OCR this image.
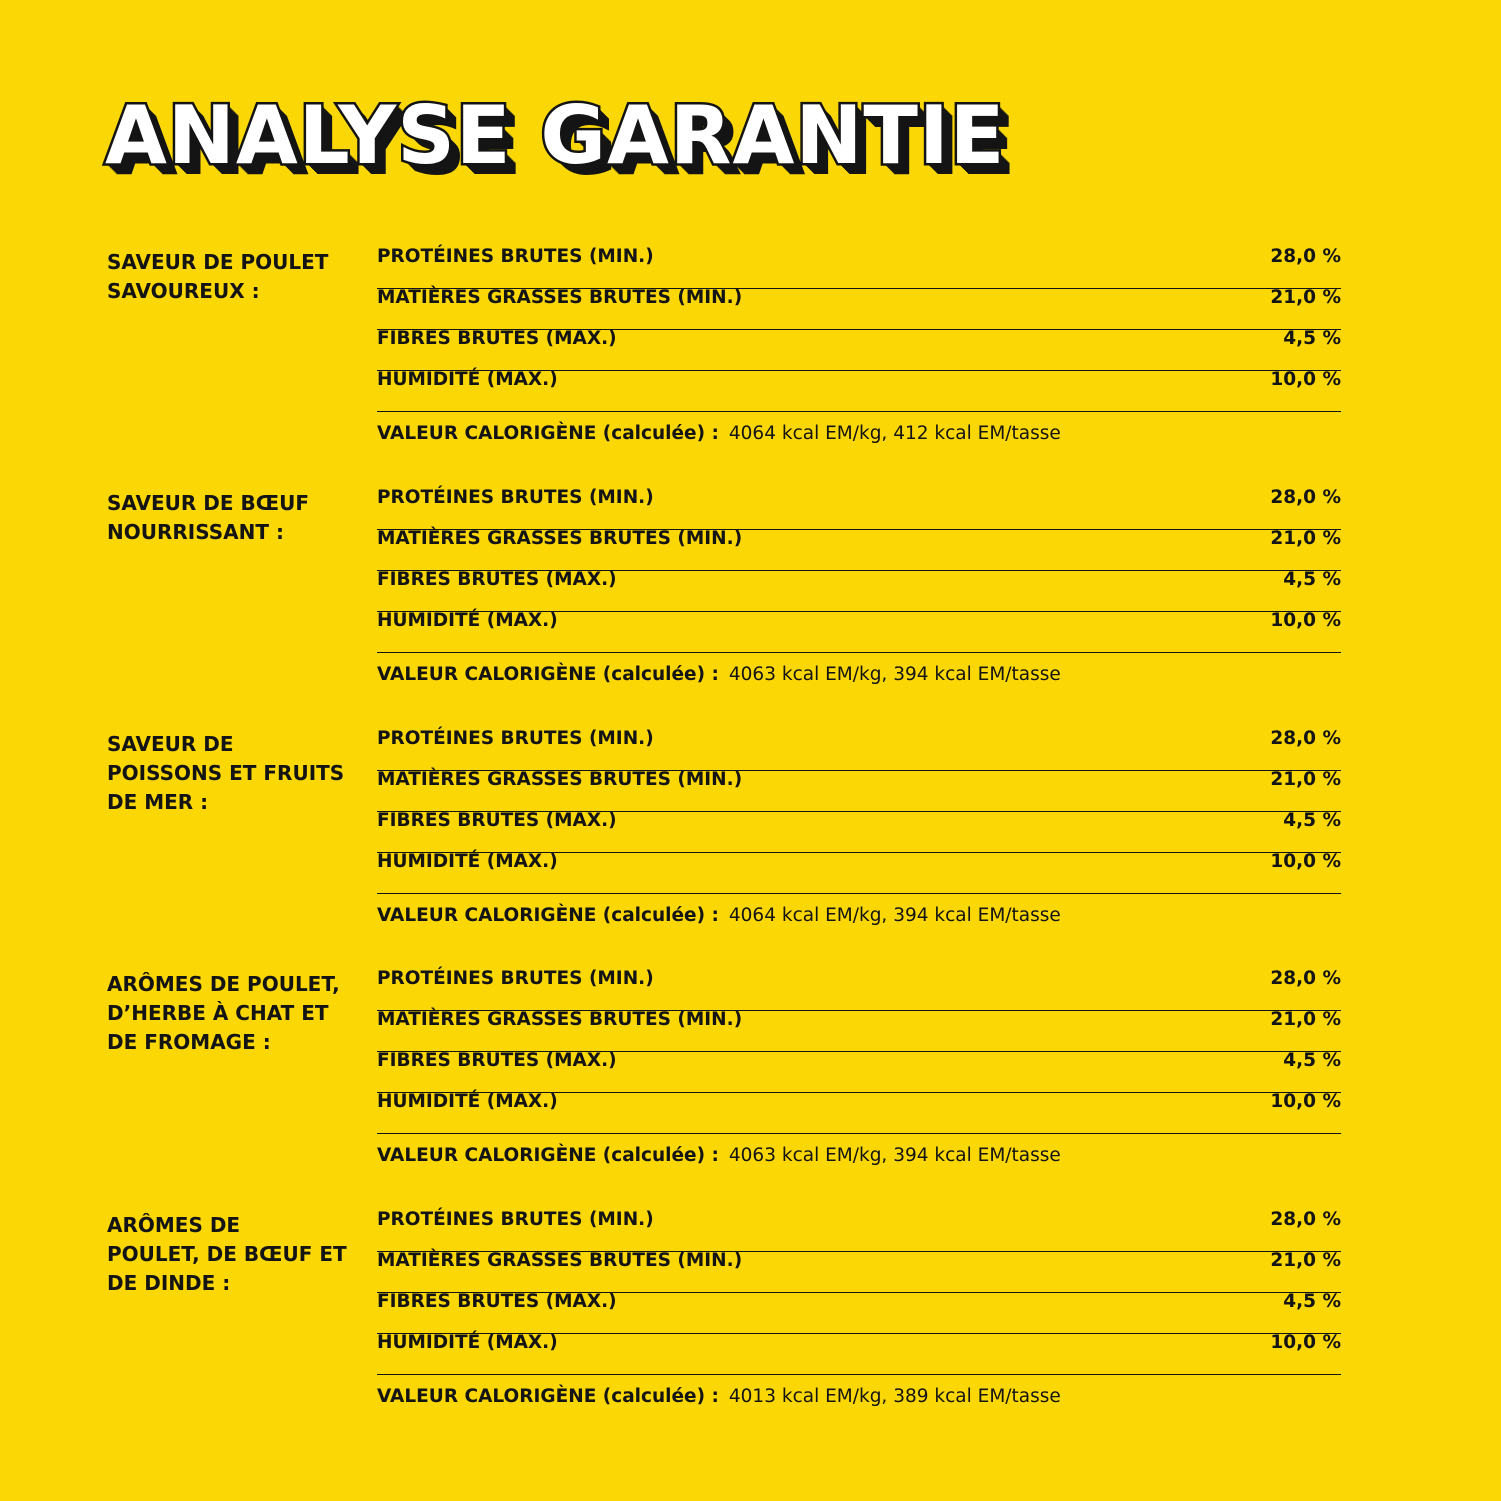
ANALYSE GARANTIE
SAVEUR DE POULET
SAVOUREUX :
PROTÉINES BRUTES (MIN.)	28,0 %
MATIÈRES GRASSES BRUTES (MIN.)	21,0 %
FIBRES BRUTES (MAX.)	4,5 %
HUMIDITÉ (MAX.)	10,0 %
VALEUR CALORIGÈNE (calculée) : 4064 kcal EM/kg, 412 kcal EM/tasse
SAVEUR DE BŒUF
NOURRISSANT :
PROTÉINES BRUTES (MIN.)	28,0 %
MATIÈRES GRASSES BRUTES (MIN.)	21,0 %
FIBRES BRUTES (MAX.)	4,5 %
HUMIDITÉ (MAX.)	10,0 %
VALEUR CALORIGÈNE (calculée) : 4063 kcal EM/kg, 394 kcal EM/tasse
SAVEUR DE
POISSONS ET FRUITS
DE MER :
PROTÉINES BRUTES (MIN.)	28,0 %
MATIÈRES GRASSES BRUTES (MIN.)	21,0 %
FIBRES BRUTES (MAX.)	4,5 %
HUMIDITÉ (MAX.)	10,0 %
VALEUR CALORIGÈNE (calculée) : 4064 kcal EM/kg, 394 kcal EM/tasse
ARÔMES DE POULET,
D’HERBE À CHAT ET
DE FROMAGE :
PROTÉINES BRUTES (MIN.)	28,0 %
MATIÈRES GRASSES BRUTES (MIN.)	21,0 %
FIBRES BRUTES (MAX.)	4,5 %
HUMIDITÉ (MAX.)	10,0 %
VALEUR CALORIGÈNE (calculée) : 4063 kcal EM/kg, 394 kcal EM/tasse
ARÔMES DE
POULET, DE BŒUF ET
DE DINDE :
PROTÉINES BRUTES (MIN.)	28,0 %
MATIÈRES GRASSES BRUTES (MIN.)	21,0 %
FIBRES BRUTES (MAX.)	4,5 %
HUMIDITÉ (MAX.)	10,0 %
VALEUR CALORIGÈNE (calculée) : 4013 kcal EM/kg, 389 kcal EM/tasse
